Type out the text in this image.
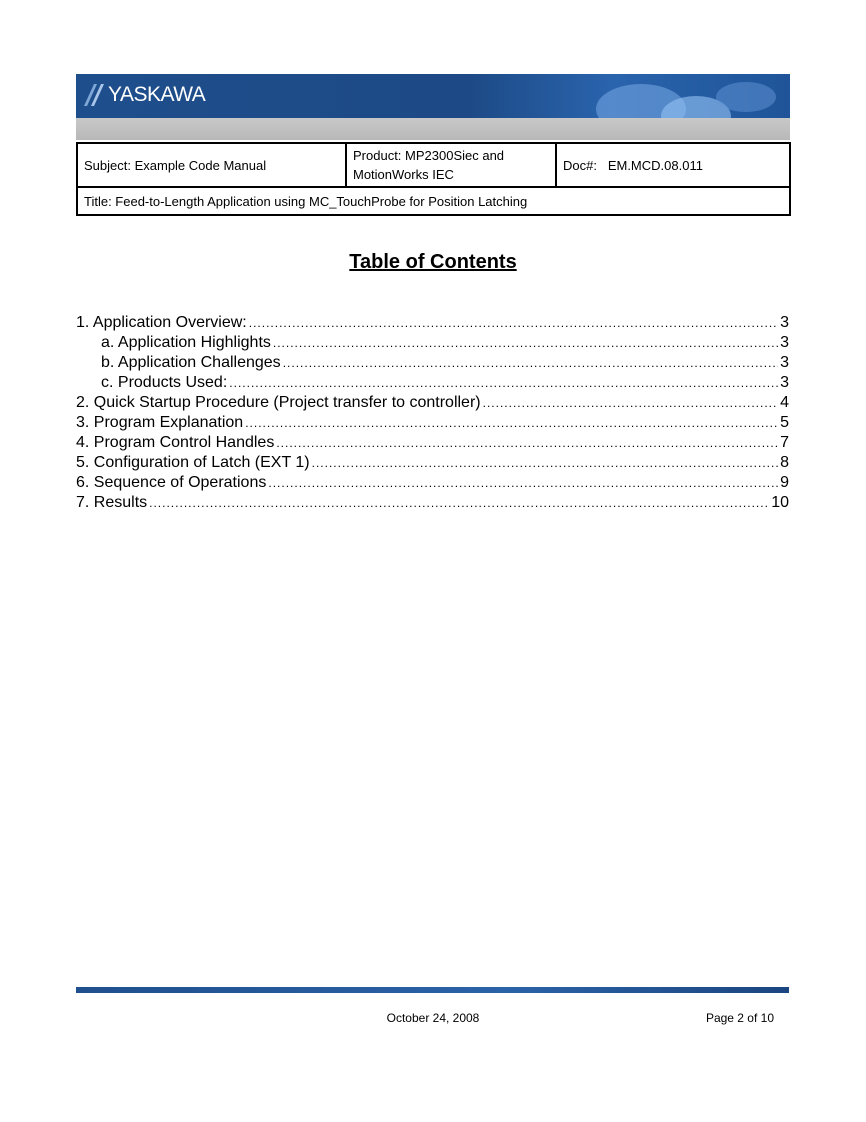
YASKAWA
Subject: Example Code Manual	
Product: MP2300Siec and
MotionWorks IEC
	Doc#: EM.MCD.08.011
Title: Feed-to-Length Application using MC_TouchProbe for Position Latching
Table of Contents
1. Application Overview: .....	3
a. Application Highlights .....	3
b. Application Challenges .....	3
c. Products Used: .....	3
2. Quick Startup Procedure (Project transfer to controller) .....	4
3. Program Explanation .....	5
4. Program Control Handles .....	7
5. Configuration of Latch (EXT 1) .....	8
6. Sequence of Operations .....	9
7. Results .....	10
October 24, 2008	Page 2 of 10
